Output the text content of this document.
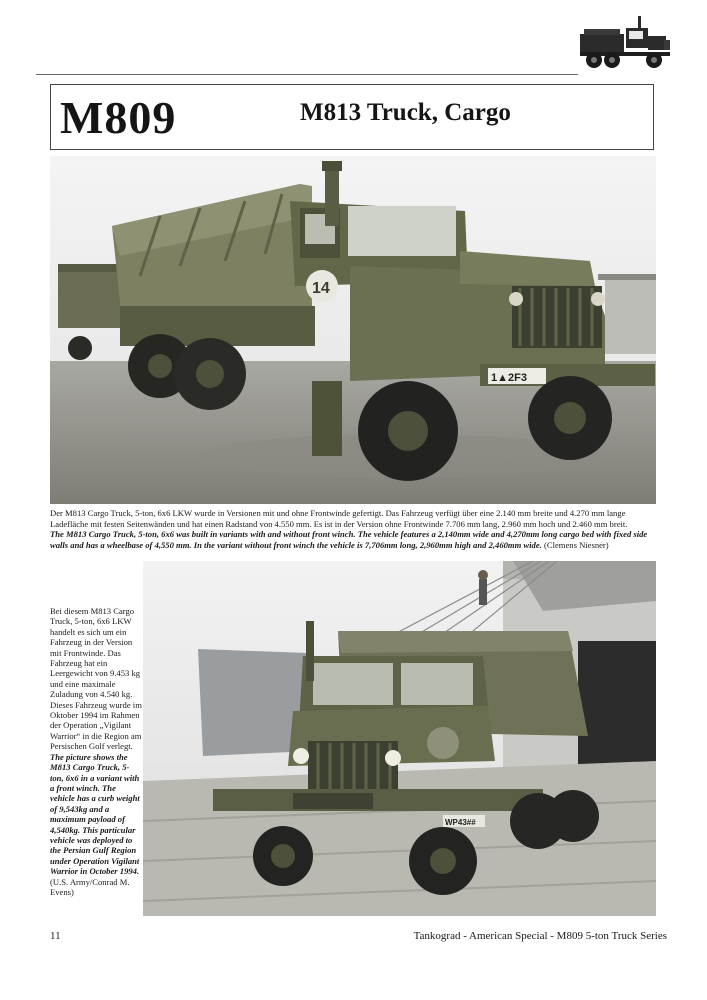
M809	M813 Truck, Cargo
14
1▲2F3

Der M813 Cargo Truck, 5-ton, 6x6 LKW wurde in Versionen mit und ohne Frontwinde gefertigt. Das Fahrzeug verfügt über eine 2.140 mm breite und 4.270 mm lange Ladefläche mit festen Seitenwänden und hat einen Radstand von 4.550 mm. Es ist in der Version ohne Frontwinde 7.706 mm lang, 2.960 mm hoch und 2.460 mm breit.

The M813 Cargo Truck, 5-ton, 6x6 was built in variants with and without front winch. The vehicle features a 2,140mm wide and 4,270mm long cargo bed with fixed side walls and has a wheelbase of 4,550 mm. In the variant without front winch the vehicle is 7,706mm long, 2,960mm high and 2,460mm wide. (Clemens Niesner)

Bei diesem M813 Cargo Truck, 5-ton, 6x6 LKW handelt es sich um ein Fahrzeug in der Version mit Frontwinde. Das Fahrzeug hat ein Leergewicht von 9.453 kg und eine maximale Zuladung von 4.540 kg. Dieses Fahrzeug wurde im Oktober 1994 im Rahmen der Operation „Vigilant Warrior“ in die Region am Persischen Golf verlegt.

The picture shows the M813 Cargo Truck, 5-ton, 6x6 in a variant with a front winch. The vehicle has a curb weight of 9,543kg and a maximum payload of 4,540kg. This particular vehicle was deployed to the Persian Gulf Region under Operation Vigilant Warrior in October 1994.

(U.S. Army/Conrad M. Evens)

WP43##
11	Tankograd - American Special - M809 5-ton Truck Series
